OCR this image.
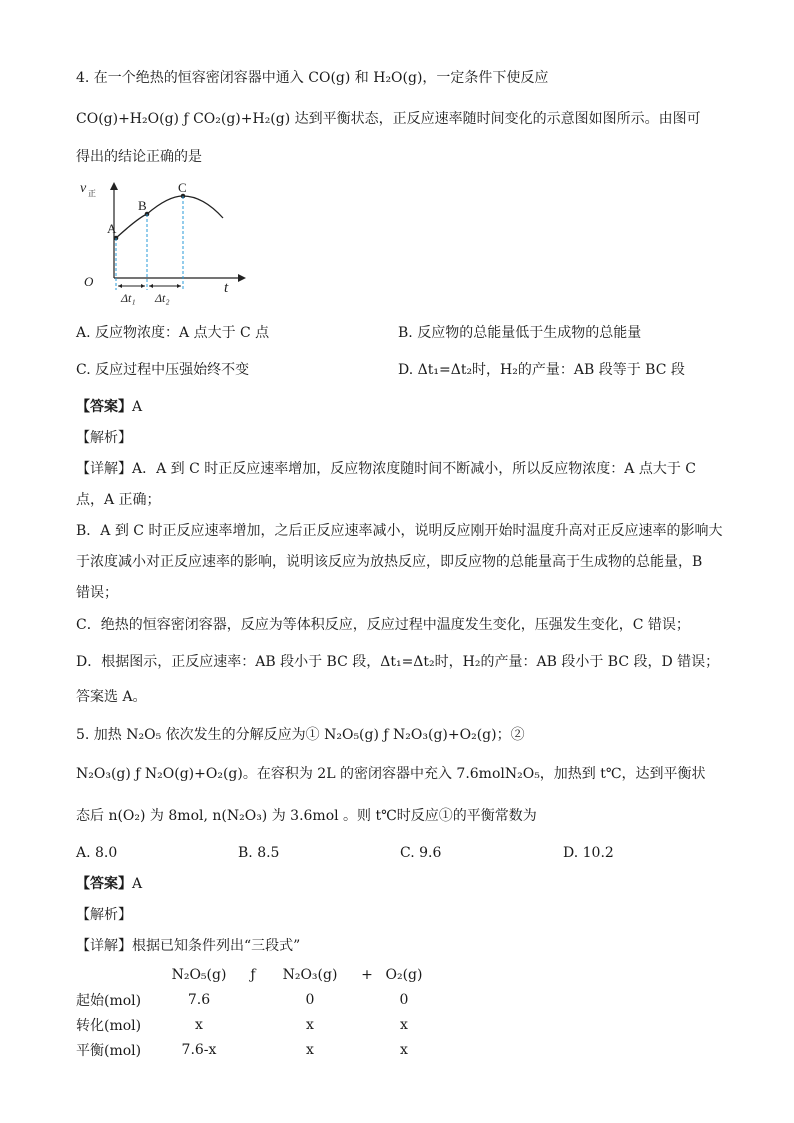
4. 在一个绝热的恒容密闭容器中通入 CO(g) 和 H₂O(g)，一定条件下使反应
CO(g)+H₂O(g) ƒ CO₂(g)+H₂(g) 达到平衡状态，正反应速率随时间变化的示意图如图所示。由图可
得出的结论正确的是
v 正
O	t
A
B
C
Δt₁ Δt₂
A. 反应物浓度：A 点大于 C 点	B. 反应物的总能量低于生成物的总能量
C. 反应过程中压强始终不变	D. Δt₁=Δt₂时，H₂的产量：AB 段等于 BC 段
【答案】A
【解析】
【详解】A．A 到 C 时正反应速率增加，反应物浓度随时间不断减小，所以反应物浓度：A 点大于 C
点，A 正确；
B．A 到 C 时正反应速率增加，之后正反应速率减小，说明反应刚开始时温度升高对正反应速率的影响大
于浓度减小对正反应速率的影响，说明该反应为放热反应，即反应物的总能量高于生成物的总能量，B
错误；
C．绝热的恒容密闭容器，反应为等体积反应，反应过程中温度发生变化，压强发生变化，C 错误；
D．根据图示，正反应速率：AB 段小于 BC 段，Δt₁=Δt₂时，H₂的产量：AB 段小于 BC 段，D 错误；
答案选 A。
5. 加热 N₂O₅ 依次发生的分解反应为① N₂O₅(g) ƒ N₂O₃(g)+O₂(g)；②
N₂O₃(g) ƒ N₂O(g)+O₂(g)。在容积为 2L 的密闭容器中充入 7.6molN₂O₅，加热到 t℃，达到平衡状
态后 n(O₂) 为 8mol, n(N₂O₃) 为 3.6mol 。则 t℃时反应①的平衡常数为
A. 8.0	B. 8.5	C. 9.6	D. 10.2
【答案】A
【解析】
【详解】根据已知条件列出“三段式”
	N₂O₅(g)	ƒ	N₂O₃(g)	+	O₂(g)
起始(mol)	7.6		0		0
转化(mol)	x		x		x
平衡(mol)	7.6-x		x		x
